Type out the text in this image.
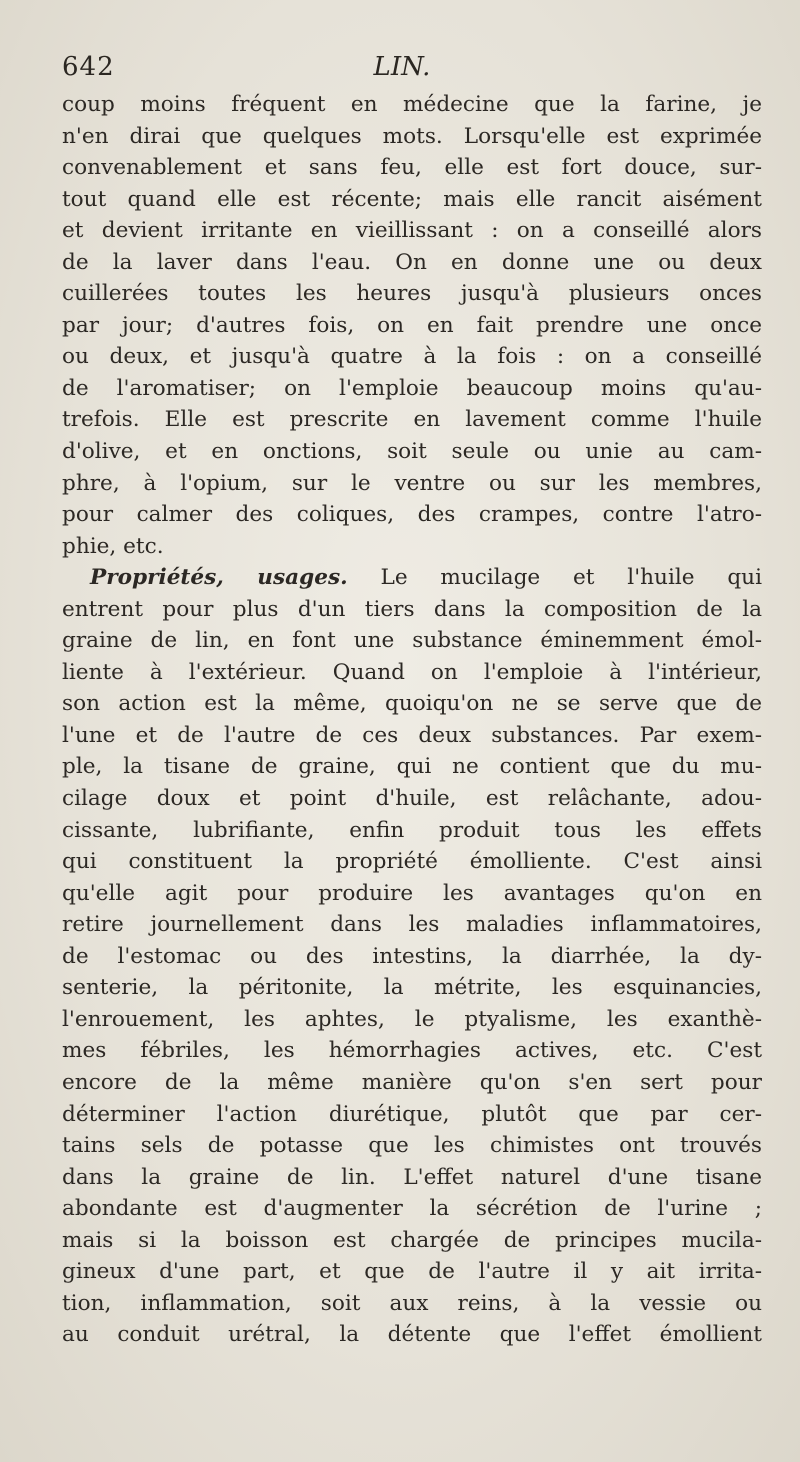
642	LIN.
coup moins fréquent en médecine que la farine, je
n'en dirai que quelques mots. Lorsqu'elle est exprimée
convenablement et sans feu, elle est fort douce, sur-
tout quand elle est récente; mais elle rancit aisément
et devient irritante en vieillissant : on a conseillé alors
de la laver dans l'eau. On en donne une ou deux
cuillerées toutes les heures jusqu'à plusieurs onces
par jour; d'autres fois, on en fait prendre une once
ou deux, et jusqu'à quatre à la fois : on a conseillé
de l'aromatiser; on l'emploie beaucoup moins qu'au-
trefois. Elle est prescrite en lavement comme l'huile
d'olive, et en onctions, soit seule ou unie au cam-
phre, à l'opium, sur le ventre ou sur les membres,
pour calmer des coliques, des crampes, contre l'atro-
phie, etc.
Propriétés, usages. Le mucilage et l'huile qui
entrent pour plus d'un tiers dans la composition de la
graine de lin, en font une substance éminemment émol-
liente à l'extérieur. Quand on l'emploie à l'intérieur,
son action est la même, quoiqu'on ne se serve que de
l'une et de l'autre de ces deux substances. Par exem-
ple, la tisane de graine, qui ne contient que du mu-
cilage doux et point d'huile, est relâchante, adou-
cissante, lubrifiante, enfin produit tous les effets
qui constituent la propriété émolliente. C'est ainsi
qu'elle agit pour produire les avantages qu'on en
retire journellement dans les maladies inflammatoires,
de l'estomac ou des intestins, la diarrhée, la dy-
senterie, la péritonite, la métrite, les esquinancies,
l'enrouement, les aphtes, le ptyalisme, les exanthè-
mes fébriles, les hémorrhagies actives, etc. C'est
encore de la même manière qu'on s'en sert pour
déterminer l'action diurétique, plutôt que par cer-
tains sels de potasse que les chimistes ont trouvés
dans la graine de lin. L'effet naturel d'une tisane
abondante est d'augmenter la sécrétion de l'urine ;
mais si la boisson est chargée de principes mucila-
gineux d'une part, et que de l'autre il y ait irrita-
tion, inflammation, soit aux reins, à la vessie ou
au conduit urétral, la détente que l'effet émollient
